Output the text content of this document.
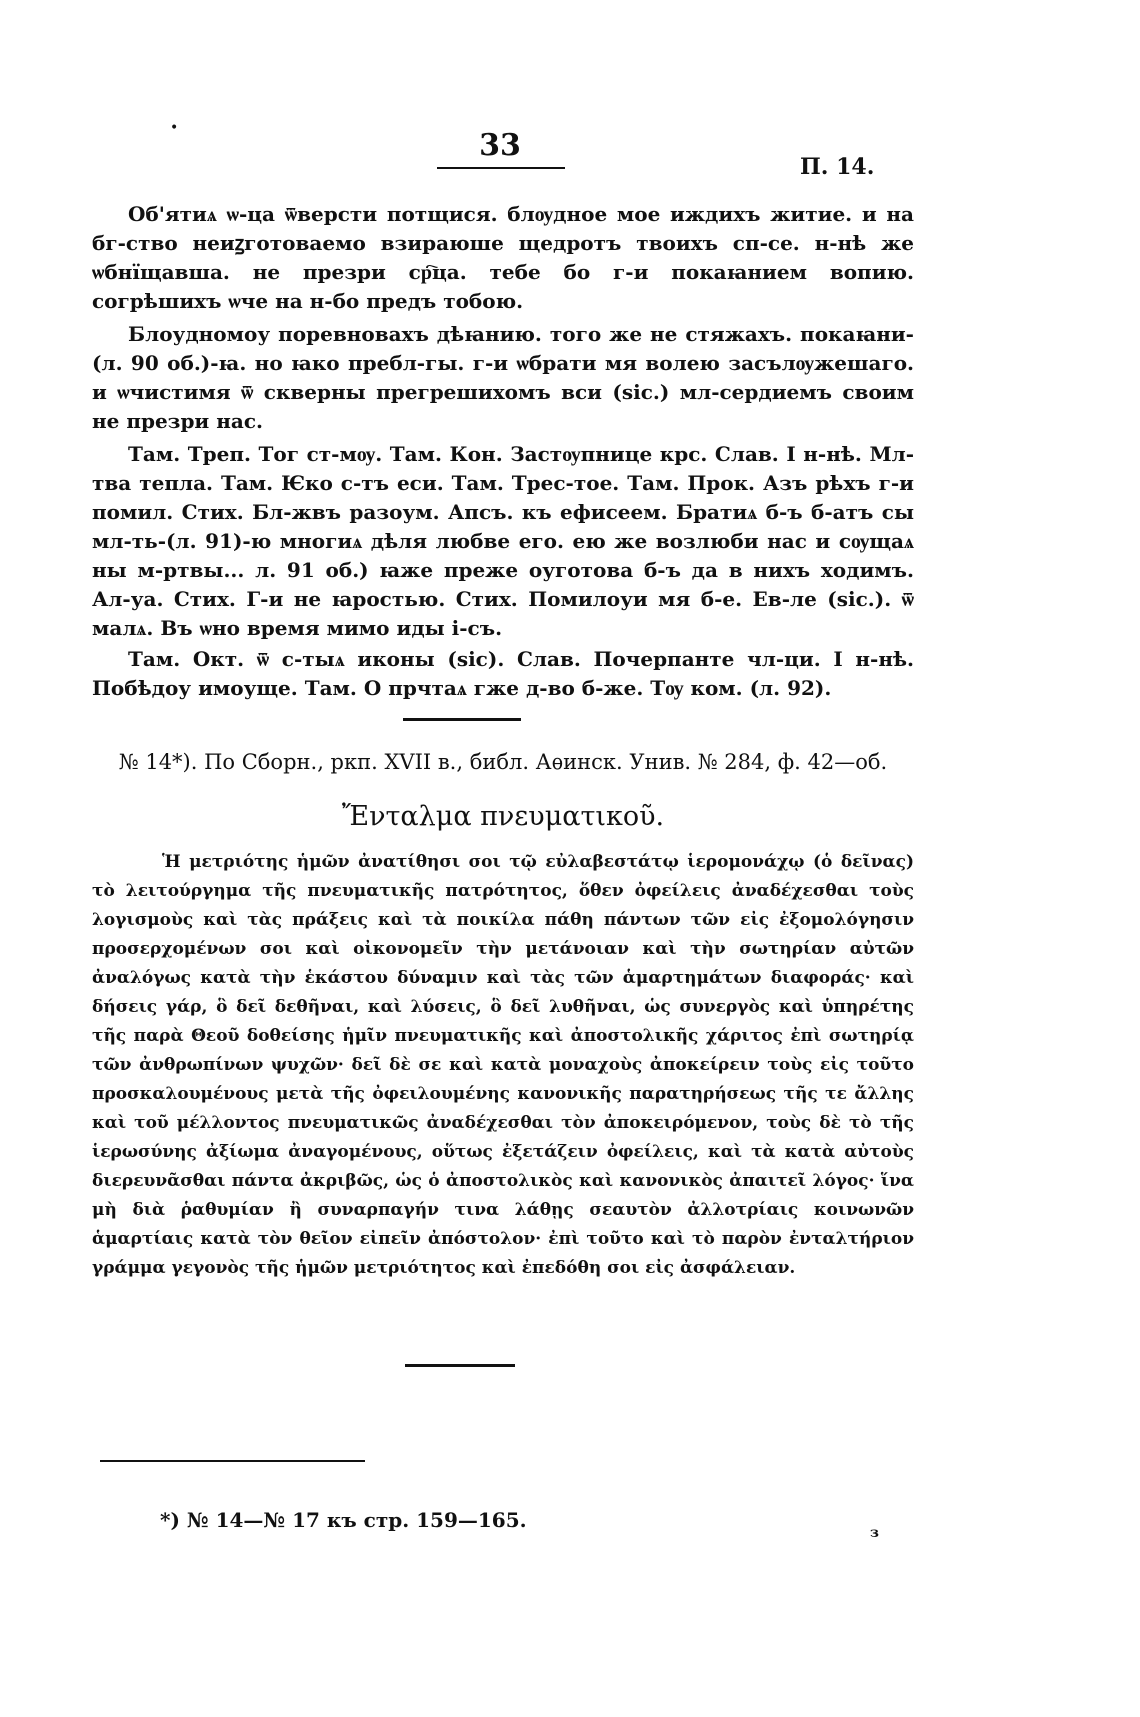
•	33
П. 14.

Об'ятиѧ ѡ-ца ѿверсти потщися. блѹдное мое иждихъ житие. и на бг-ство неиꙁготоваемо взираюше щедротъ твоихъ сп-се. н-нѣ же ѡбнїщавша. не презри ср҇ца. тебе бо г-и покаꙗнием вопию. согрѣшихъ ѡче на н-бо предъ тобою.

Блоудномоу поревновахъ дѣꙗнию. того же не стяжахъ. покаꙗни-(л. 90 об.)-ꙗ. но ꙗко пребл-гы. г-и ѡбрати мя волею засълѹжешаго. и ѡчистимя ѿ скверны прегрешихомъ вси (sic.) мл-сердиемъ своим не презри нас.

Там. Треп. Тог ст-мѹ. Там. Кон. Застѹпнице крс. Слав. І н-нѣ. Мл-тва тепла. Там. Ѥко с-тъ еси. Там. Трес-тое. Там. Прок. Азъ рѣхъ г-и помил. Стих. Бл-жвъ разоум. Апсъ. къ ефисеем. Братиѧ б-ъ б-атъ сы мл-ть-(л. 91)-ю многиѧ дѣля любве его. ею же возлюби нас и сѹщаѧ ны м-ртвы... л. 91 об.) ꙗже преже оуготова б-ъ да в нихъ ходимъ. Ал-уа. Стих. Г-и не ꙗростью. Стих. Помилоуи мя б-е. Ев-ле (sic.). ѿ малѧ. Въ ѡно время мимо иды і-съ.

Там. Окт. ѿ с-тыѧ иконы (sic). Слав. Почерпанте чл-ци. І н-нѣ. Побѣдоу имоуще. Там. О прчтаѧ гже д-во б-же. Тѹ ком. (л. 92).

№ 14*). По Сборн., ркп. XVII в., библ. Аѳинск. Унив. № 284, ф. 42—об.
Ἔνταλμα πνευματικοῦ.

Ἡ μετριότης ἡμῶν ἀνατίθησι σοι τῷ εὐλαβεστάτῳ ἱερομονάχῳ (ὁ δεῖνας) τὸ λειτούργημα τῆς πνευματικῆς πατρότητος, ὅθεν ὀφείλεις ἀναδέχεσθαι τοὺς λογισμοὺς καὶ τὰς πράξεις καὶ τὰ ποικίλα πάθη πάντων τῶν εἰς ἐξομολόγησιν προσερχομένων σοι καὶ οἰκονομεῖν τὴν μετάνοιαν καὶ τὴν σωτηρίαν αὐτῶν ἀναλόγως κατὰ τὴν ἑκάστου δύναμιν καὶ τὰς τῶν ἁμαρτημάτων διαφοράς· καὶ δήσεις γάρ, ὃ δεῖ δεθῆναι, καὶ λύσεις, ὃ δεῖ λυθῆναι, ὡς συνεργὸς καὶ ὑπηρέτης τῆς παρὰ Θεοῦ δοθείσης ἡμῖν πνευματικῆς καὶ ἀποστολικῆς χάριτος ἐπὶ σωτηρίᾳ τῶν ἀνθρωπίνων ψυχῶν· δεῖ δὲ σε καὶ κατὰ μοναχοὺς ἀποκείρειν τοὺς εἰς τοῦτο προσκαλουμένους μετὰ τῆς ὀφειλουμένης κανονικῆς παρατηρήσεως τῆς τε ἄλλης καὶ τοῦ μέλλοντος πνευματικῶς ἀναδέχεσθαι τὸν ἀποκειρόμενον, τοὺς δὲ τὸ τῆς ἱερωσύνης ἀξίωμα ἀναγομένους, οὕτως ἐξετάζειν ὀφείλεις, καὶ τὰ κατὰ αὐτοὺς διερευνᾶσθαι πάντα ἀκριβῶς, ὡς ὁ ἀποστολικὸς καὶ κανονικὸς ἀπαιτεῖ λόγος· ἵνα μὴ διὰ ῥαθυμίαν ἢ συναρπαγήν τινα λάθῃς σεαυτὸν ἀλλοτρίαις κοινωνῶν ἁμαρτίαις κατὰ τὸν θεῖον εἰπεῖν ἀπόστολον· ἐπὶ τοῦτο καὶ τὸ παρὸν ἐνταλτήριον γράμμα γεγονὸς τῆς ἡμῶν μετριότητος καὶ ἐπεδόθη σοι εἰς ἀσφάλειαν.

*) № 14—№ 17 къ стр. 159—165.
з
